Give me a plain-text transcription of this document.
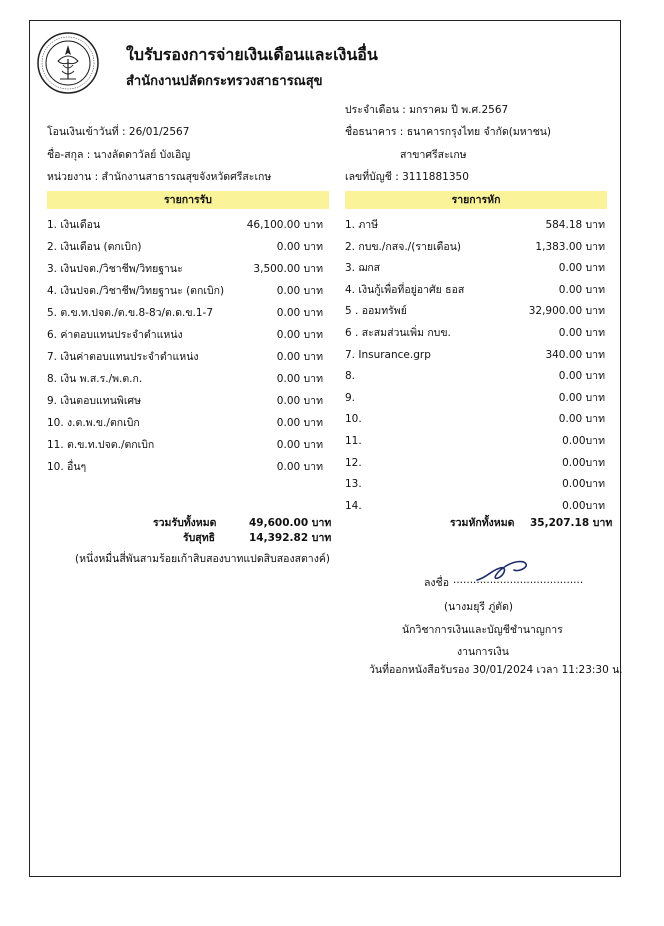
ใบรับรองการจ่ายเงินเดือนและเงินอื่น
สำนักงานปลัดกระทรวงสาธารณสุข
ประจำเดือน : มกราคม ปี พ.ศ.2567
โอนเงินเข้าวันที่ : 26/01/2567	ชื่อธนาคาร : ธนาคารกรุงไทย จำกัด(มหาชน)
ชื่อ-สกุล : นางลัดดาวัลย์ บังเอิญ	สาขาศรีสะเกษ
หน่วยงาน : สำนักงานสาธารณสุขจังหวัดศรีสะเกษ	เลขที่บัญชี : 3111881350
รายการรับ	รายการหัก
1. เงินเดือน	46,100.00 บาท
2. เงินเดือน (ตกเบิก)	0.00 บาท
3. เงินปจต./วิชาชีพ/วิทยฐานะ	3,500.00 บาท
4. เงินปจต./วิชาชีพ/วิทยฐานะ (ตกเบิก)	0.00 บาท
5. ต.ข.ท.ปจต./ต.ข.8-8ว/ต.ด.ข.1-7	0.00 บาท
6. ค่าตอบแทนประจำตำแหน่ง	0.00 บาท
7. เงินค่าตอบแทนประจำตำแหน่ง	0.00 บาท
8. เงิน พ.ส.ร./พ.ต.ก.	0.00 บาท
9. เงินตอบแทนพิเศษ	0.00 บาท
10. ง.ต.พ.ข./ตกเบิก	0.00 บาท
11. ต.ข.ท.ปจต./ตกเบิก	0.00 บาท
10. อื่นๆ	0.00 บาท
1. ภาษี	584.18 บาท
2. กบข./กสจ./(รายเดือน)	1,383.00 บาท
3. ฌกส	0.00 บาท
4. เงินกู้เพื่อที่อยู่อาศัย ธอส	0.00 บาท
5 . ออมทรัพย์	32,900.00 บาท
6 . สะสมส่วนเพิ่ม กบข.	0.00 บาท
7. Insurance.grp	340.00 บาท
8.	0.00 บาท
9.	0.00 บาท
10.	0.00 บาท
11.	0.00บาท
12.	0.00บาท
13.	0.00บาท
14.	0.00บาท
รวมรับทั้งหมด	49,600.00 บาท	รวมหักทั้งหมด 35,207.18 บาท
รับสุทธิ	14,392.82 บาท
(หนึ่งหมื่นสี่พันสามร้อยเก้าสิบสองบาทแปดสิบสองสตางค์)
ลงชื่อ .......................................
(นางมยุรี ภู่ตัด)
นักวิชาการเงินและบัญชีชำนาญการ
งานการเงิน
วันที่ออกหนังสือรับรอง 30/01/2024 เวลา 11:23:30 น.
